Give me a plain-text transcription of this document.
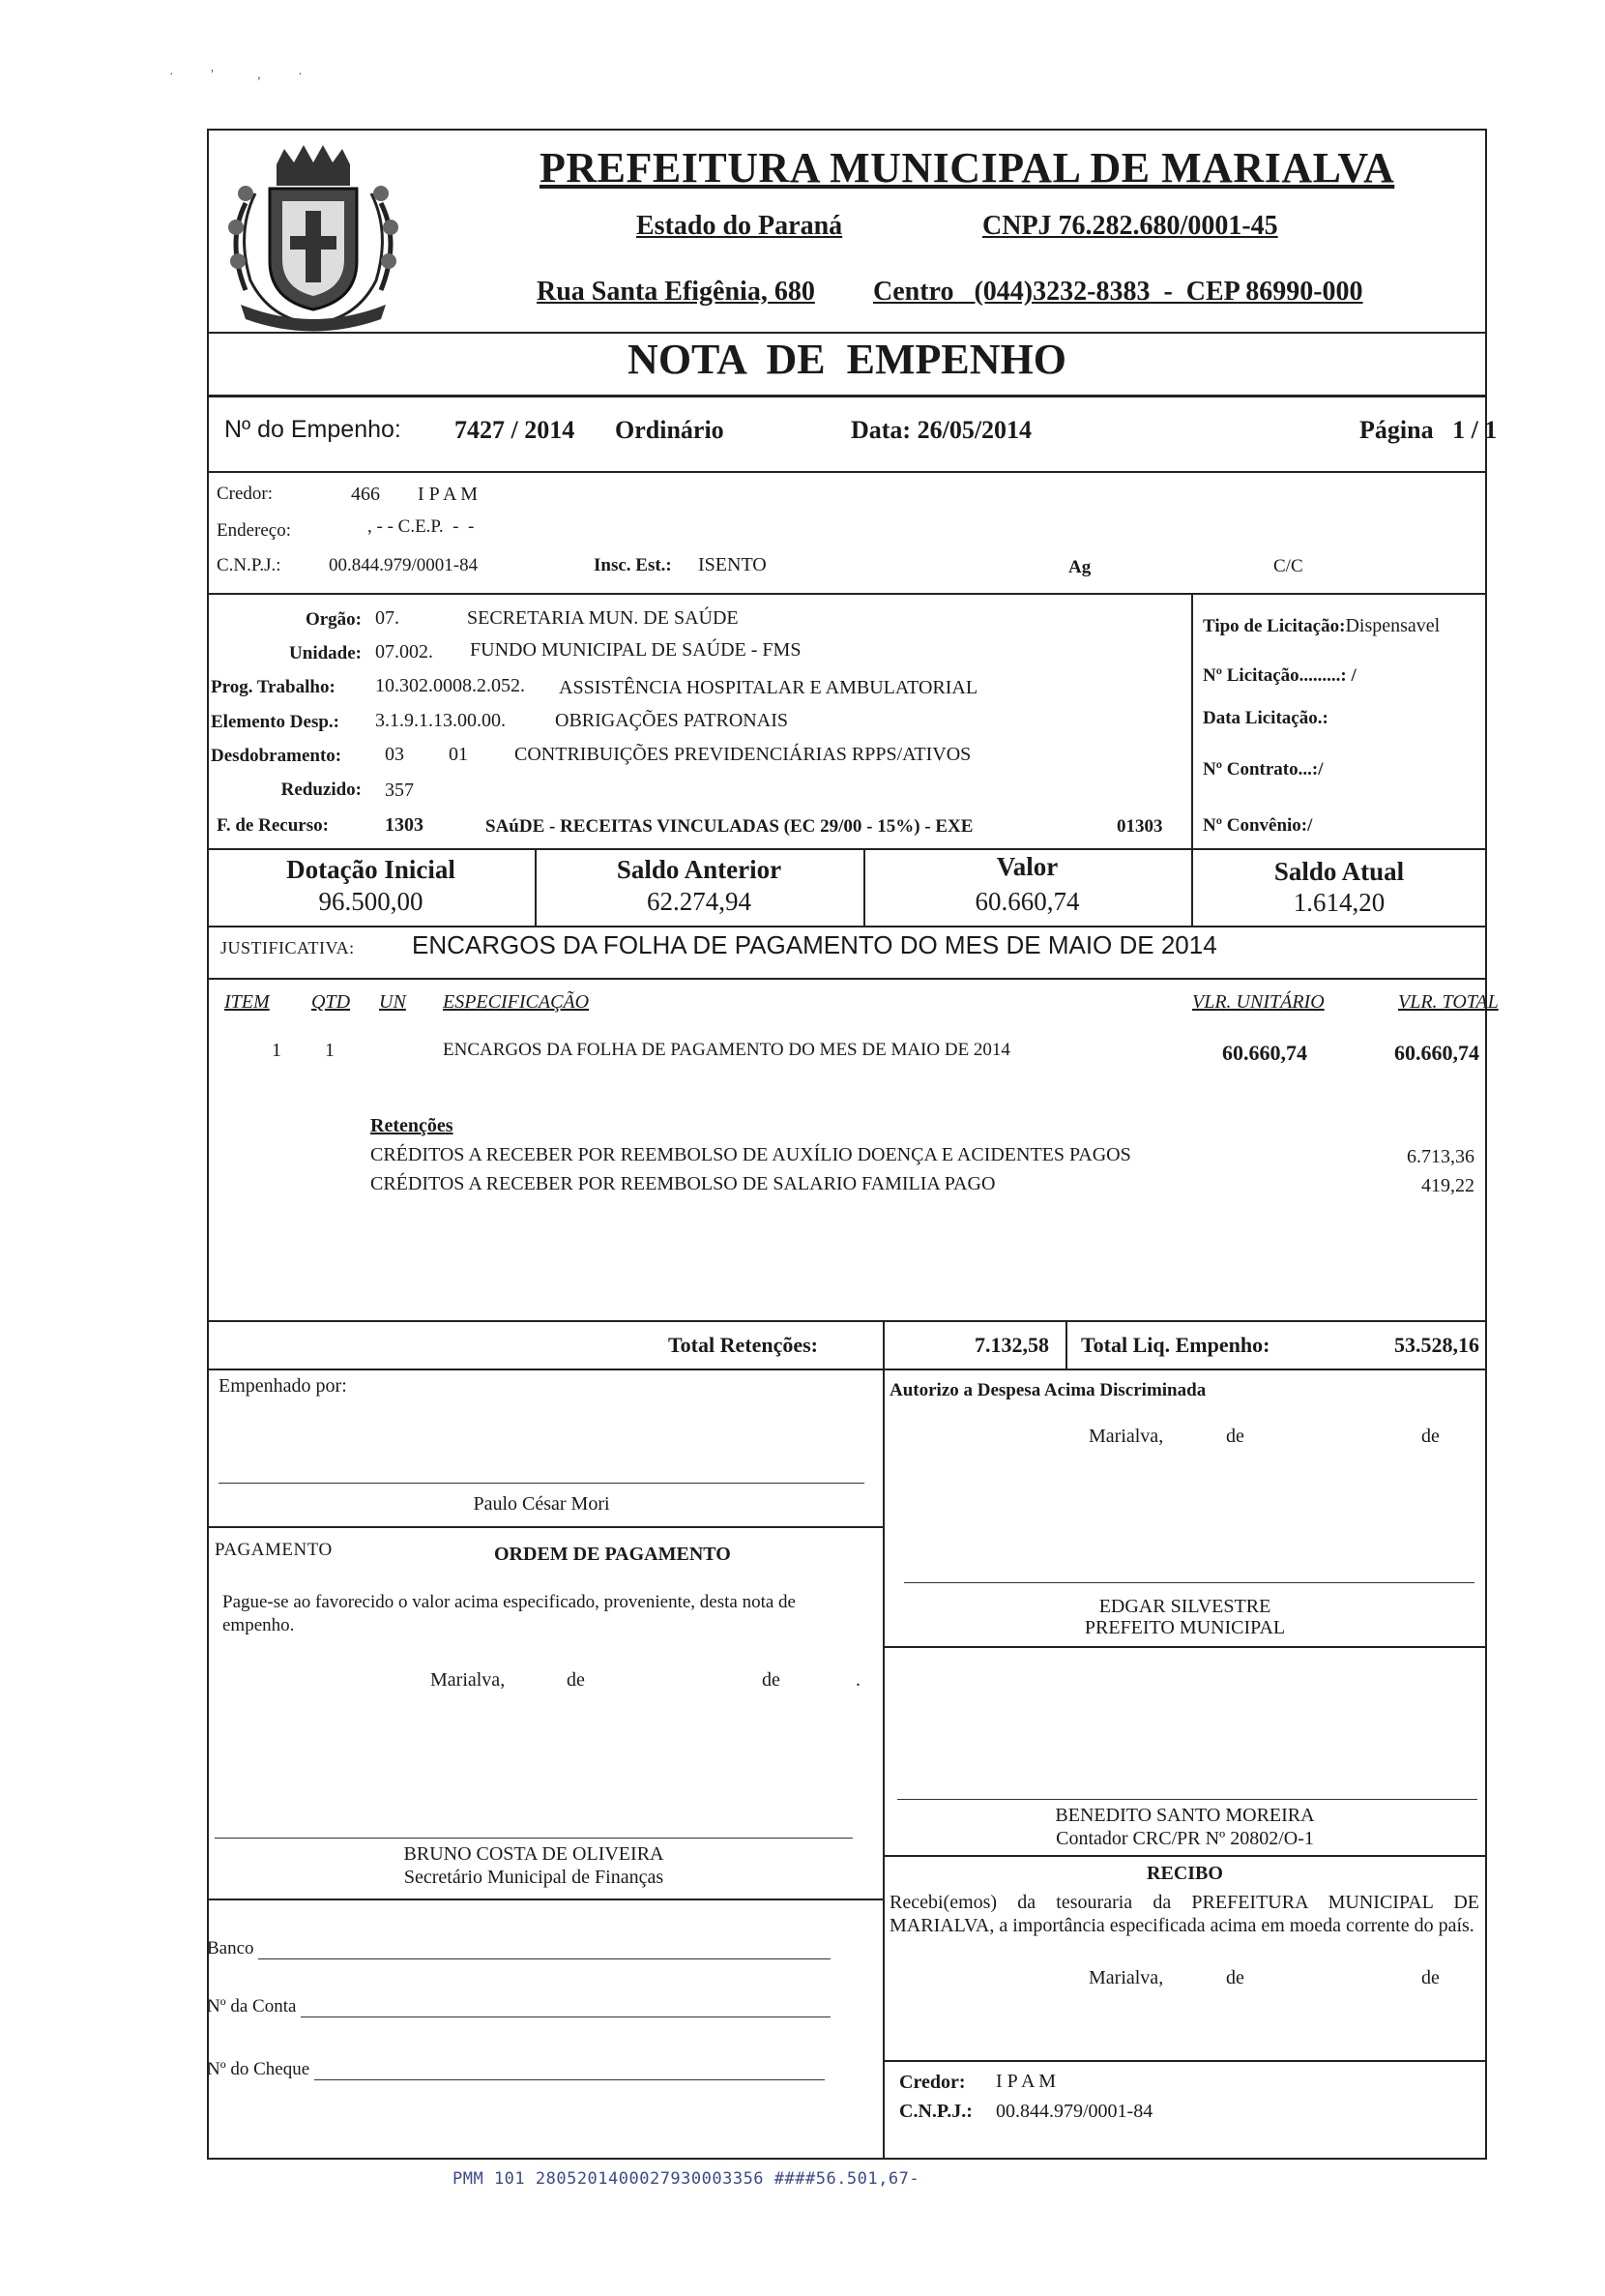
·           '             ,           ·
PREFEITURA MUNICIPAL DE MARIALVA
Estado do Paraná	CNPJ 76.282.680/0001-45
Rua Santa Efigênia, 680 Centro   (044)3232-8383  -  CEP 86990-000
NOTA  DE  EMPENHO
Nº do Empenho: 7427 / 2014 Ordinário	Data: 26/05/2014	Página   1 / 1
Credor:	466 I P A M
Endereço:	, - - C.E.P.  -  -
C.N.P.J.:	00.844.979/0001-84	Insc. Est.: ISENTO	Ag	C/C
Orgão: 07.	SECRETARIA MUN. DE SAÚDE
Unidade: 07.002. FUNDO MUNICIPAL DE SAÚDE - FMS
Prog. Trabalho: 10.302.0008.2.052. ASSISTÊNCIA HOSPITALAR E AMBULATORIAL
Elemento Desp.: 3.1.9.1.13.00.00.	OBRIGAÇÕES PATRONAIS
Desdobramento: 03 01 CONTRIBUIÇÕES PREVIDENCIÁRIAS RPPS/ATIVOS
Reduzido: 357
F. de Recurso:	1303	SAúDE - RECEITAS VINCULADAS (EC 29/00 - 15%) - EXE	01303
Tipo de Licitação:Dispensavel
Nº Licitação.........: /
Data Licitação.:
Nº Contrato...:/
Nº Convênio:/
Dotação Inicial
96.500,00
Saldo Anterior
62.274,94
Valor
60.660,74
Saldo Atual
1.614,20
JUSTIFICATIVA: ENCARGOS DA FOLHA DE PAGAMENTO DO MES DE MAIO DE 2014
ITEM QTD UN ESPECIFICAÇÃO	VLR. UNITÁRIO	VLR. TOTAL
1 1	ENCARGOS DA FOLHA DE PAGAMENTO DO MES DE MAIO DE 2014	60.660,74	60.660,74
Retenções
CRÉDITOS A RECEBER POR REEMBOLSO DE AUXÍLIO DOENÇA E ACIDENTES PAGOS	6.713,36
CRÉDITOS A RECEBER POR REEMBOLSO DE SALARIO FAMILIA PAGO	419,22
Total Retenções:	7.132,58 Total Liq. Empenho:	53.528,16
Empenhado por:
Paulo César Mori
PAGAMENTO	ORDEM DE PAGAMENTO
Pague-se ao favorecido o valor acima especificado, proveniente, desta nota de empenho.
Marialva,	de	de	.
BRUNO COSTA DE OLIVEIRA
Secretário Municipal de Finanças
Banco
Nº da Conta
Nº do Cheque
Autorizo a Despesa Acima Discriminada
Marialva,	de	de
EDGAR SILVESTRE
PREFEITO MUNICIPAL
BENEDITO SANTO MOREIRA
Contador CRC/PR Nº 20802/O-1
RECIBO
Recebi(emos) da tesouraria da PREFEITURA MUNICIPAL DE MARIALVA, a importância especificada acima em moeda corrente do país.
Marialva,	de	de
Credor: I P A M
C.N.P.J.: 00.844.979/0001-84
PMM 101 2805201400027930003356 ####56.501,67-
